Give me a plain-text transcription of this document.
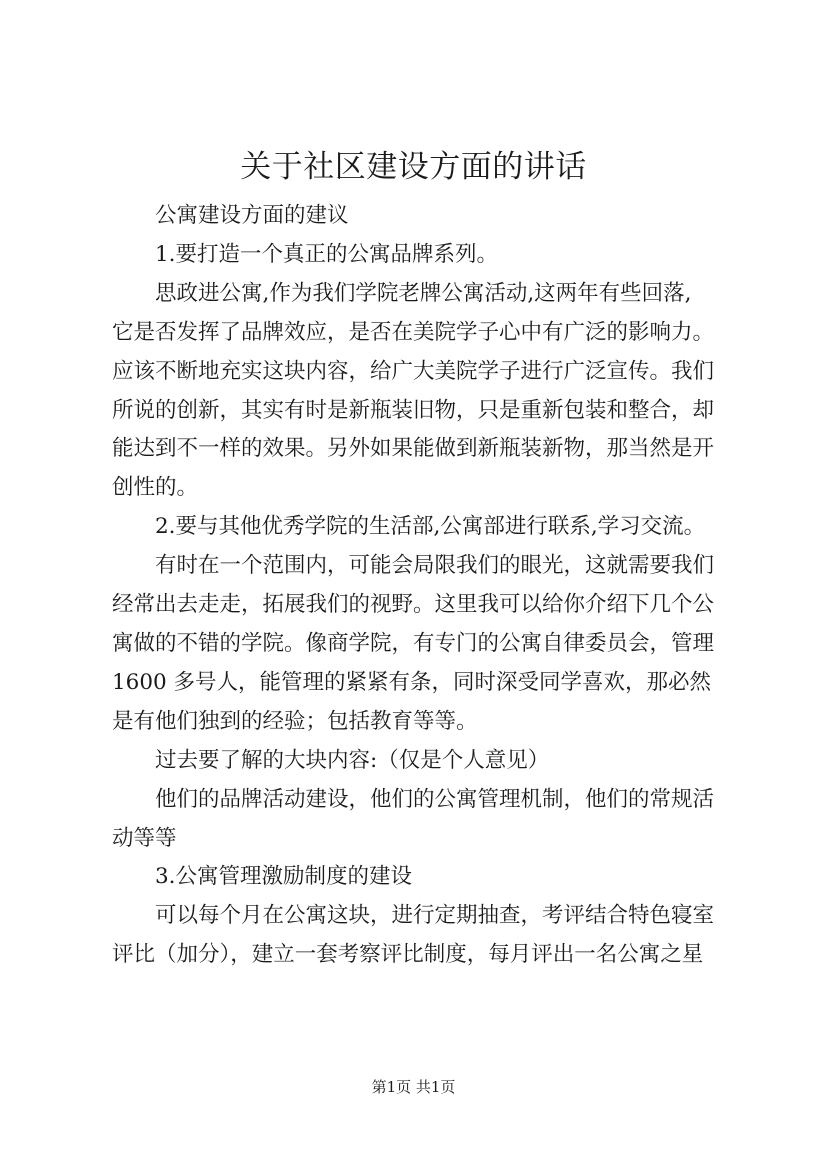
关于社区建设方面的讲话
公寓建设方面的建议
1.要打造一个真正的公寓品牌系列。
思政进公寓,作为我们学院老牌公寓活动,这两年有些回落,
它是否发挥了品牌效应，是否在美院学子心中有广泛的影响力。
应该不断地充实这块内容，给广大美院学子进行广泛宣传。我们
所说的创新，其实有时是新瓶装旧物，只是重新包装和整合，却
能达到不一样的效果。另外如果能做到新瓶装新物，那当然是开
创性的。
2.要与其他优秀学院的生活部,公寓部进行联系,学习交流。
有时在一个范围内，可能会局限我们的眼光，这就需要我们
经常出去走走，拓展我们的视野。这里我可以给你介绍下几个公
寓做的不错的学院。像商学院，有专门的公寓自律委员会，管理
1600 多号人，能管理的紧紧有条，同时深受同学喜欢，那必然
是有他们独到的经验；包括教育等等。
过去要了解的大块内容:（仅是个人意见）
他们的品牌活动建设，他们的公寓管理机制，他们的常规活
动等等
3.公寓管理激励制度的建设
可以每个月在公寓这块，进行定期抽查，考评结合特色寝室
评比（加分），建立一套考察评比制度，每月评出一名公寓之星
第1页 共1页
